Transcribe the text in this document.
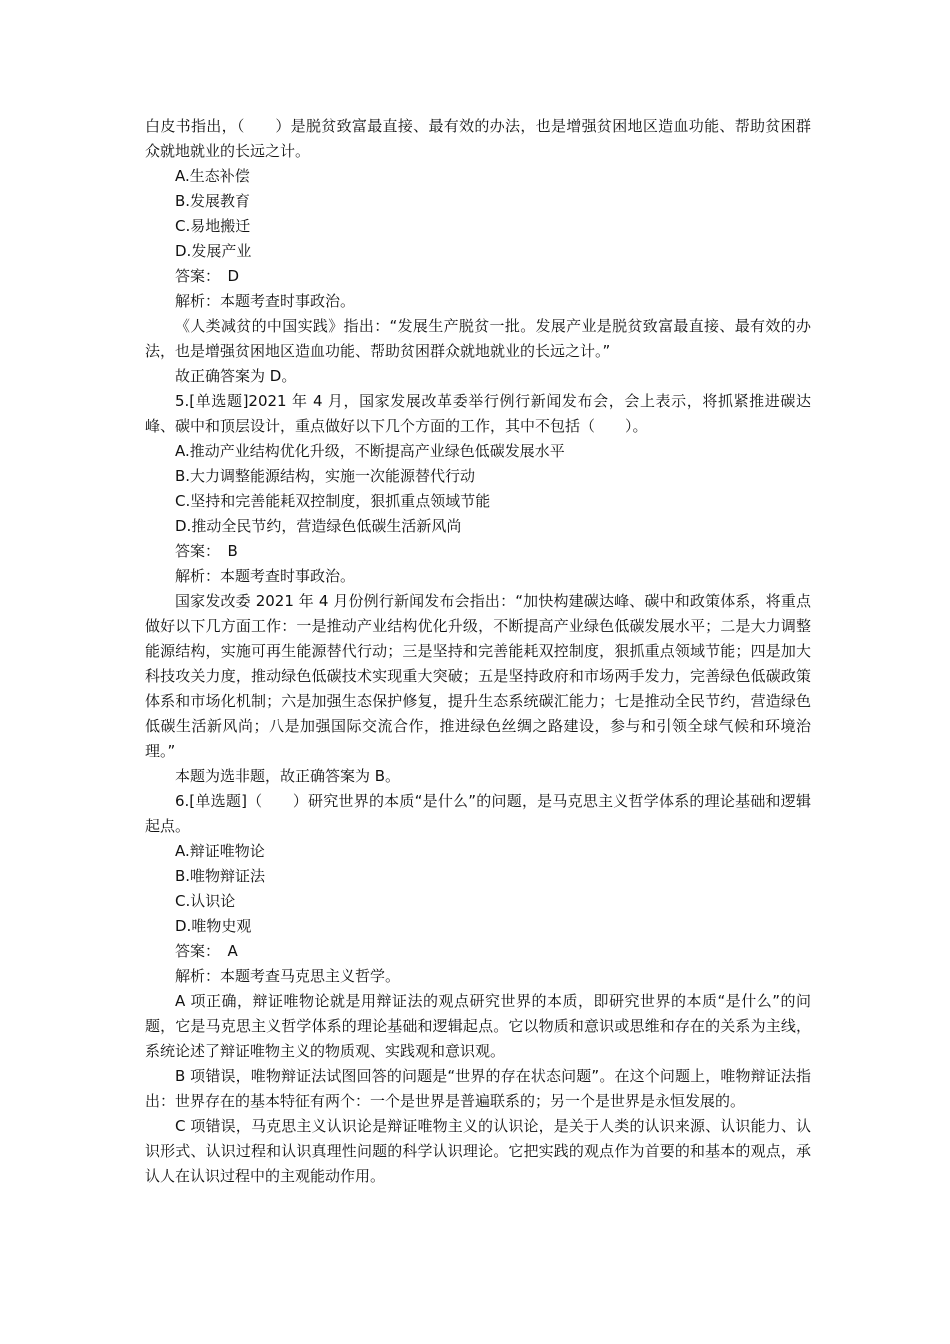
白皮书指出，（　　）是脱贫致富最直接、最有效的办法，也是增强贫困地区造血功能、帮助贫困群众就地就业的长远之计。

A.生态补偿

B.发展教育

C.易地搬迁

D.发展产业

答案：　D

解析：本题考查时事政治。

《人类减贫的中国实践》指出：“发展生产脱贫一批。发展产业是脱贫致富最直接、最有效的办法，也是增强贫困地区造血功能、帮助贫困群众就地就业的长远之计。”

故正确答案为 D。

5.[单选题]2021 年 4 月，国家发展改革委举行例行新闻发布会，会上表示，将抓紧推进碳达峰、碳中和顶层设计，重点做好以下几个方面的工作，其中不包括（　　）。

A.推动产业结构优化升级，不断提高产业绿色低碳发展水平

B.大力调整能源结构，实施一次能源替代行动

C.坚持和完善能耗双控制度，狠抓重点领域节能

D.推动全民节约，营造绿色低碳生活新风尚

答案：　B

解析：本题考查时事政治。

国家发改委 2021 年 4 月份例行新闻发布会指出：“加快构建碳达峰、碳中和政策体系，将重点做好以下几方面工作：一是推动产业结构优化升级，不断提高产业绿色低碳发展水平；二是大力调整能源结构，实施可再生能源替代行动；三是坚持和完善能耗双控制度，狠抓重点领域节能；四是加大科技攻关力度，推动绿色低碳技术实现重大突破；五是坚持政府和市场两手发力，完善绿色低碳政策体系和市场化机制；六是加强生态保护修复，提升生态系统碳汇能力；七是推动全民节约，营造绿色低碳生活新风尚；八是加强国际交流合作，推进绿色丝绸之路建设，参与和引领全球气候和环境治理。”

本题为选非题，故正确答案为 B。

6.[单选题]（　　）研究世界的本质“是什么”的问题，是马克思主义哲学体系的理论基础和逻辑起点。

A.辩证唯物论

B.唯物辩证法

C.认识论

D.唯物史观

答案：　A

解析：本题考查马克思主义哲学。

A 项正确，辩证唯物论就是用辩证法的观点研究世界的本质，即研究世界的本质“是什么”的问题，它是马克思主义哲学体系的理论基础和逻辑起点。它以物质和意识或思维和存在的关系为主线，系统论述了辩证唯物主义的物质观、实践观和意识观。

B 项错误，唯物辩证法试图回答的问题是“世界的存在状态问题”。在这个问题上，唯物辩证法指出：世界存在的基本特征有两个：一个是世界是普遍联系的；另一个是世界是永恒发展的。

C 项错误，马克思主义认识论是辩证唯物主义的认识论，是关于人类的认识来源、认识能力、认识形式、认识过程和认识真理性问题的科学认识理论。它把实践的观点作为首要的和基本的观点，承认人在认识过程中的主观能动作用。
